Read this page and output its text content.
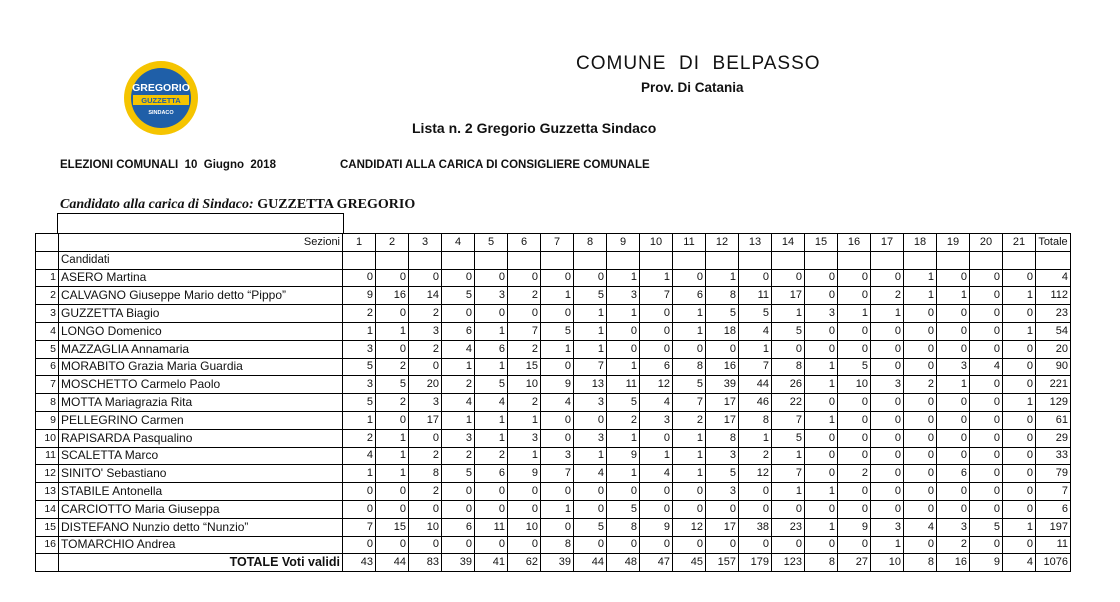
GREGORIO
GUZZETTA
SINDACO
COMUNE  DI  BELPASSO
Prov. Di Catania
Lista n. 2 Gregorio Guzzetta Sindaco
ELEZIONI COMUNALI  10  Giugno  2018	CANDIDATI ALLA CARICA DI CONSIGLIERE COMUNALE
Candidato alla carica di Sindaco: GUZZETTA GREGORIO
	Sezioni	1	2	3	4	5	6	7	8	9	10	11	12	13	14	15	16	17	18	19	20	21	Totale
	Candidati																						
1	ASERO Martina	0	0	0	0	0	0	0	0	1	1	0	1	0	0	0	0	0	1	0	0	0	4
2	CALVAGNO Giuseppe Mario detto “Pippo”	9	16	14	5	3	2	1	5	3	7	6	8	11	17	0	0	2	1	1	0	1	112
3	GUZZETTA Biagio	2	0	2	0	0	0	0	1	1	0	1	5	5	1	3	1	1	0	0	0	0	23
4	LONGO Domenico	1	1	3	6	1	7	5	1	0	0	1	18	4	5	0	0	0	0	0	0	1	54
5	MAZZAGLIA Annamaria	3	0	2	4	6	2	1	1	0	0	0	0	1	0	0	0	0	0	0	0	0	20
6	MORABITO Grazia Maria Guardia	5	2	0	1	1	15	0	7	1	6	8	16	7	8	1	5	0	0	3	4	0	90
7	MOSCHETTO Carmelo Paolo	3	5	20	2	5	10	9	13	11	12	5	39	44	26	1	10	3	2	1	0	0	221
8	MOTTA Mariagrazia Rita	5	2	3	4	4	2	4	3	5	4	7	17	46	22	0	0	0	0	0	0	1	129
9	PELLEGRINO Carmen	1	0	17	1	1	1	0	0	2	3	2	17	8	7	1	0	0	0	0	0	0	61
10	RAPISARDA Pasqualino	2	1	0	3	1	3	0	3	1	0	1	8	1	5	0	0	0	0	0	0	0	29
11	SCALETTA Marco	4	1	2	2	2	1	3	1	9	1	1	3	2	1	0	0	0	0	0	0	0	33
12	SINITO' Sebastiano	1	1	8	5	6	9	7	4	1	4	1	5	12	7	0	2	0	0	6	0	0	79
13	STABILE Antonella	0	0	2	0	0	0	0	0	0	0	0	3	0	1	1	0	0	0	0	0	0	7
14	CARCIOTTO Maria Giuseppa	0	0	0	0	0	0	1	0	5	0	0	0	0	0	0	0	0	0	0	0	0	6
15	DISTEFANO Nunzio detto “Nunzio”	7	15	10	6	11	10	0	5	8	9	12	17	38	23	1	9	3	4	3	5	1	197
16	TOMARCHIO Andrea	0	0	0	0	0	0	8	0	0	0	0	0	0	0	0	0	1	0	2	0	0	11
	TOTALE Voti validi	43	44	83	39	41	62	39	44	48	47	45	157	179	123	8	27	10	8	16	9	4	1076
